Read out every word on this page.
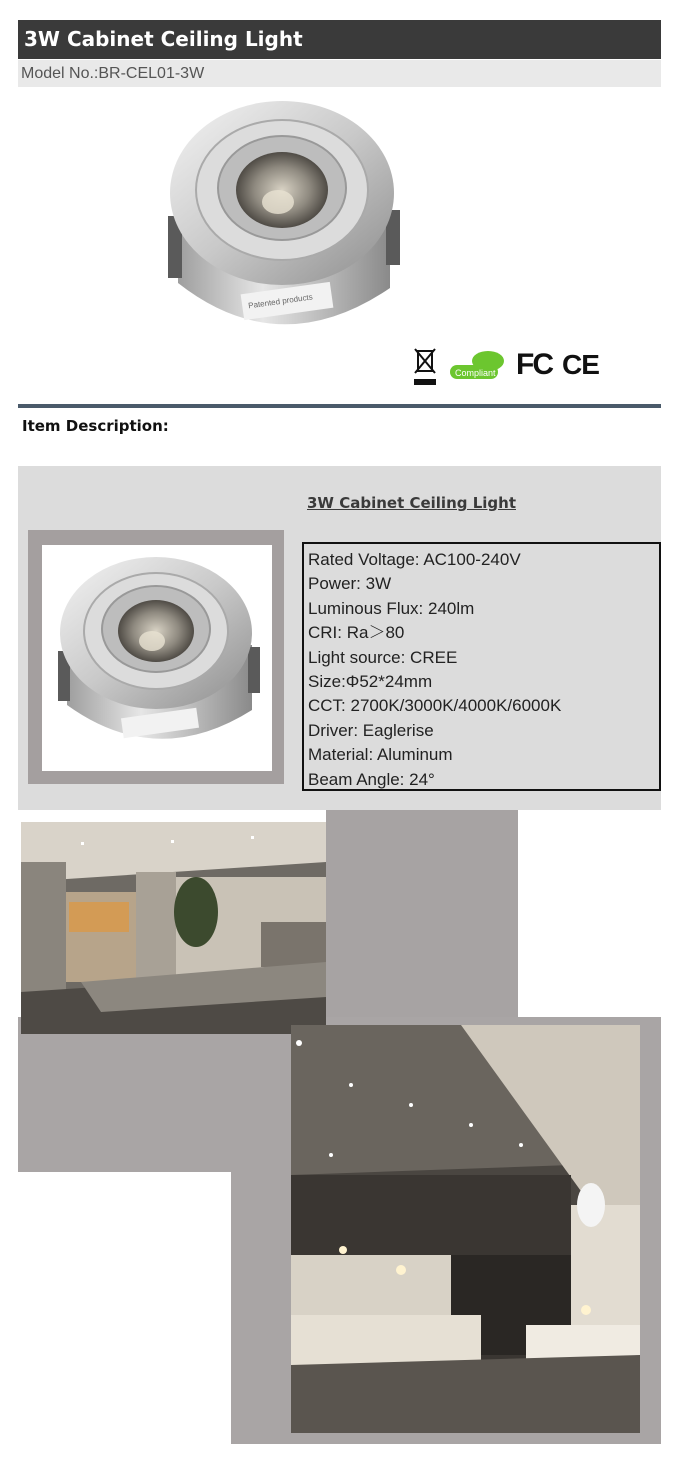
3W Cabinet Ceiling Light
Model No.:BR-CEL01-3W
Patented products
Compliant FC CE
Item Description:
3W Cabinet Ceiling Light
Rated Voltage: AC100-240V
Power: 3W
Luminous Flux: 240lm
CRI: Ra＞80
Light source: CREE
Size:Φ52*24mm
CCT: 2700K/3000K/4000K/6000K
Driver: Eaglerise
Material: Aluminum
Beam Angle: 24°
